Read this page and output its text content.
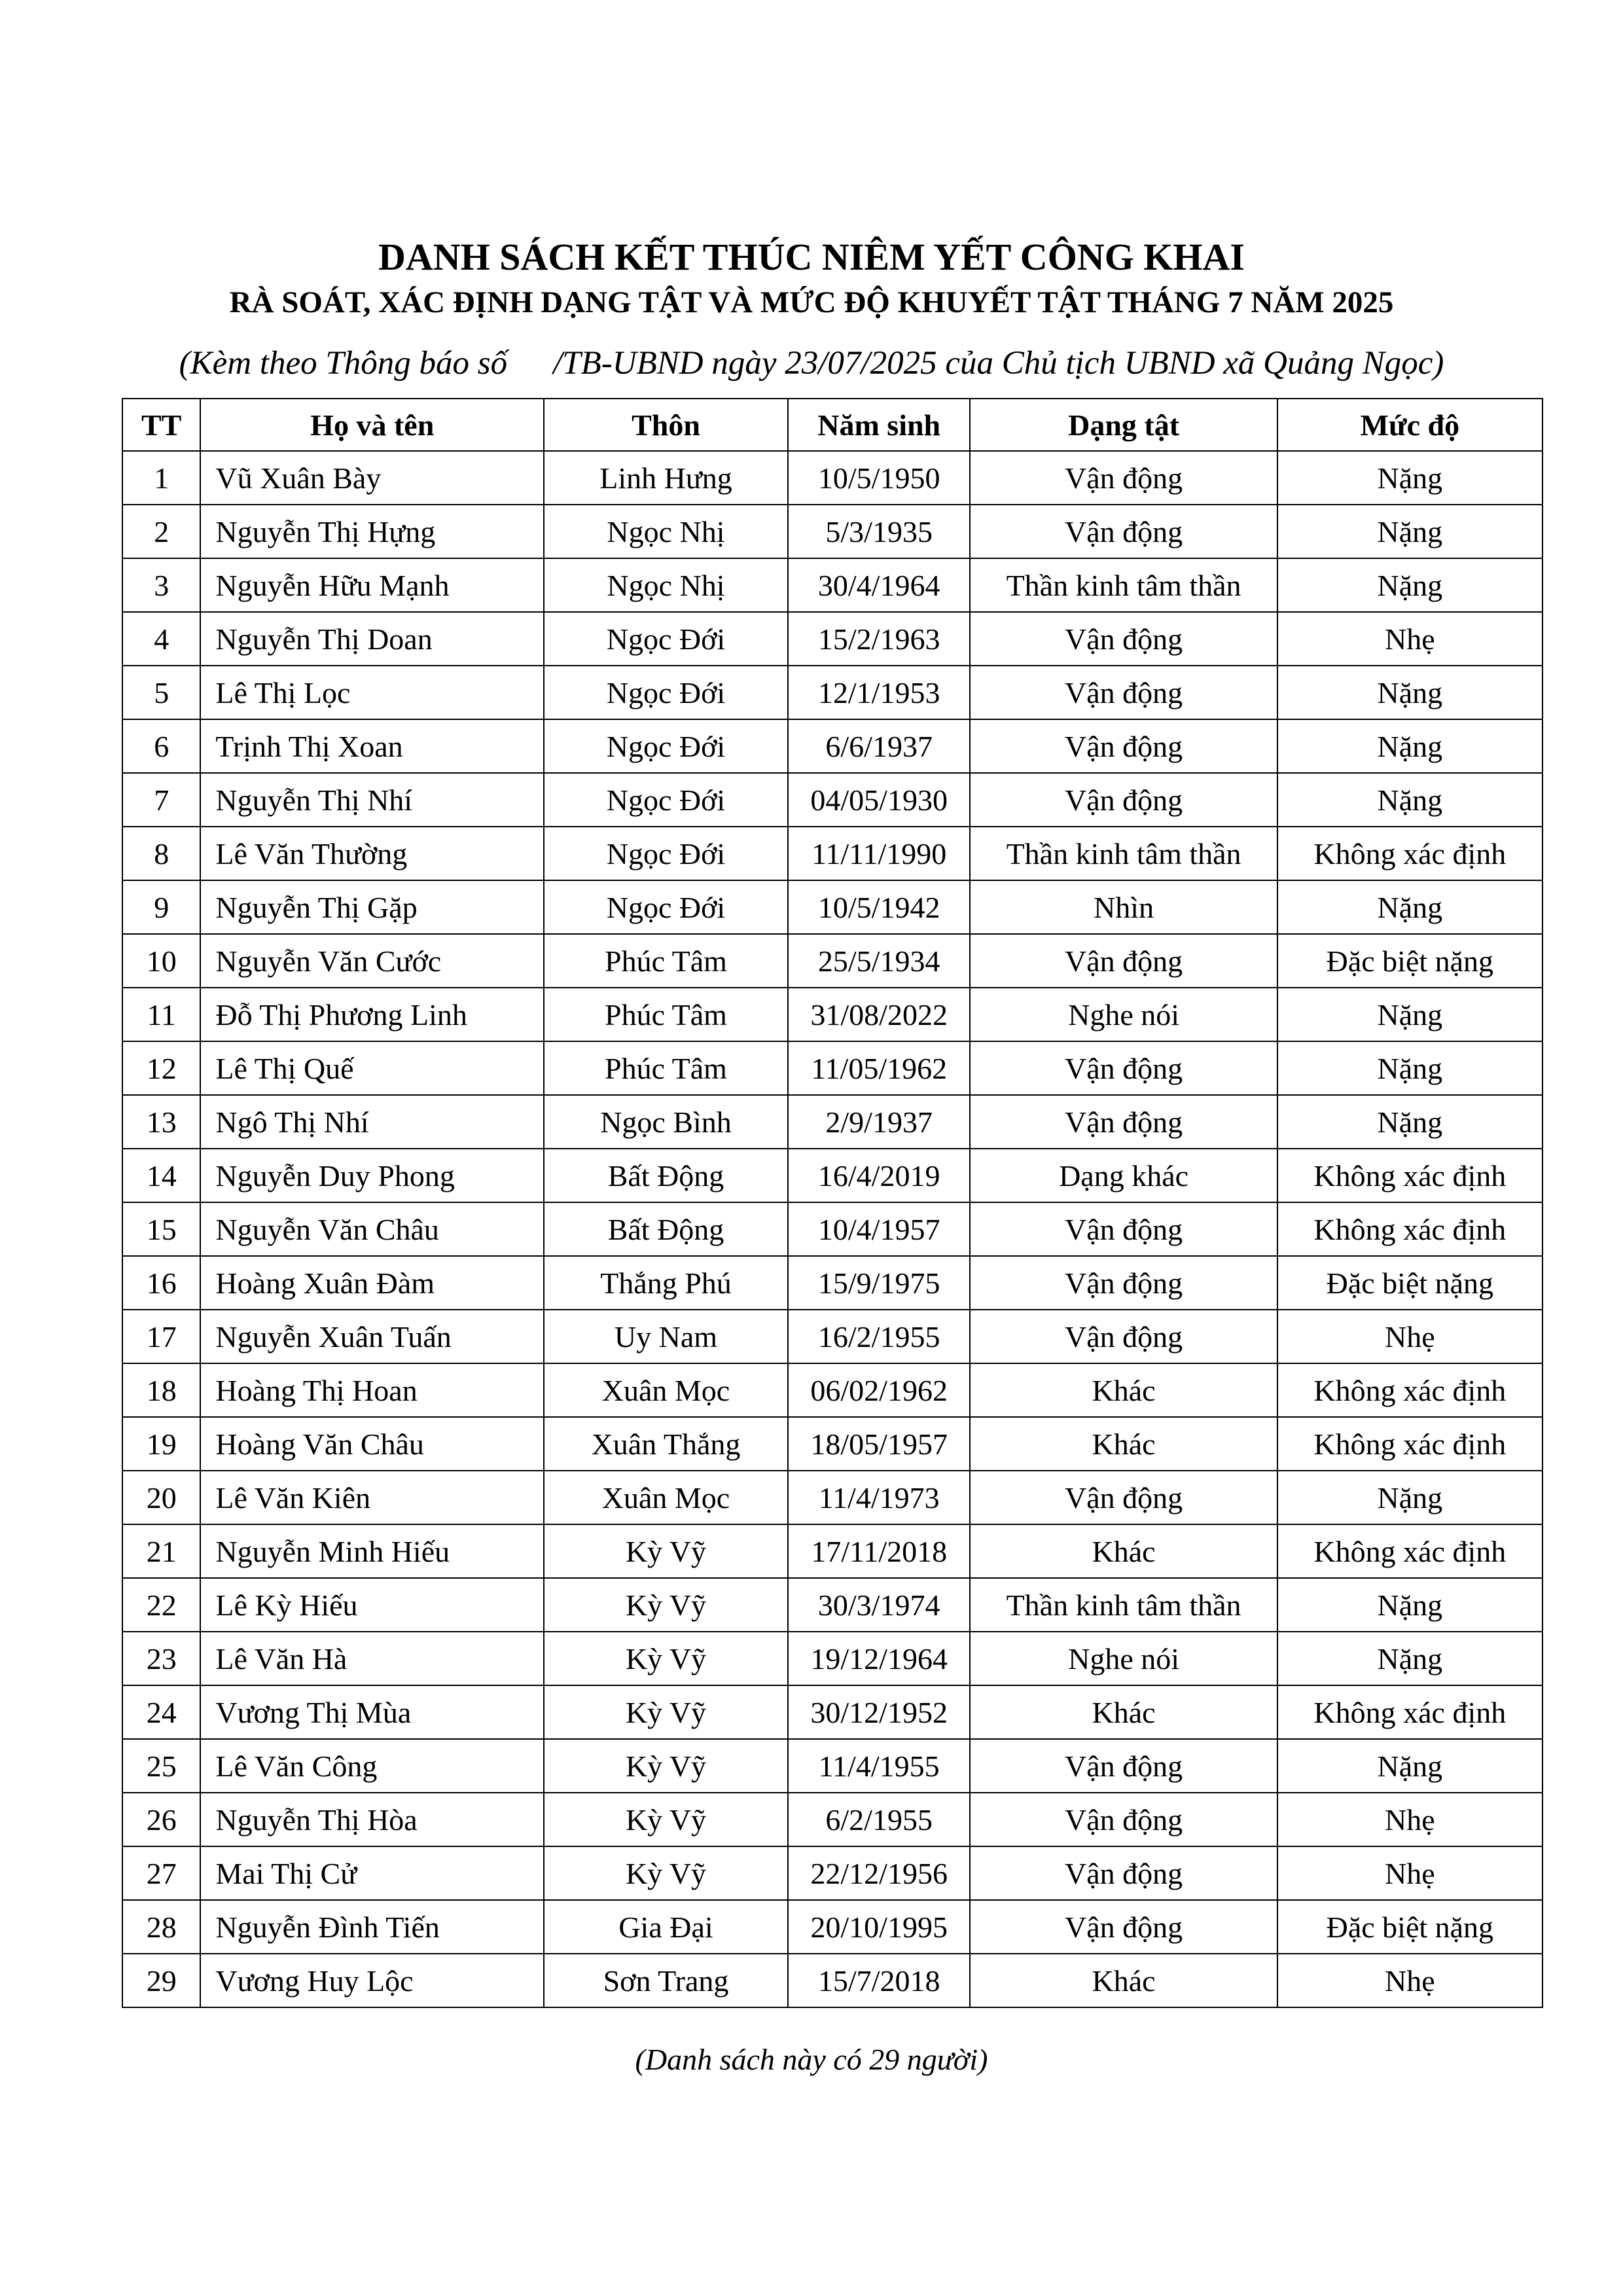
DANH SÁCH KẾT THÚC NIÊM YẾT CÔNG KHAI
RÀ SOÁT, XÁC ĐỊNH DẠNG TẬT VÀ MỨC ĐỘ KHUYẾT TẬT THÁNG 7 NĂM 2025
(Kèm theo Thông báo số /TB-UBND ngày 23/07/2025 của Chủ tịch UBND xã Quảng Ngọc)
TT	Họ và tên	Thôn	Năm sinh	Dạng tật	Mức độ
1	Vũ Xuân Bày	Linh Hưng	10/5/1950	Vận động	Nặng
2	Nguyễn Thị Hựng	Ngọc Nhị	5/3/1935	Vận động	Nặng
3	Nguyễn Hữu Mạnh	Ngọc Nhị	30/4/1964	Thần kinh tâm thần	Nặng
4	Nguyễn Thị Doan	Ngọc Đới	15/2/1963	Vận động	Nhẹ
5	Lê Thị Lọc	Ngọc Đới	12/1/1953	Vận động	Nặng
6	Trịnh Thị Xoan	Ngọc Đới	6/6/1937	Vận động	Nặng
7	Nguyễn Thị Nhí	Ngọc Đới	04/05/1930	Vận động	Nặng
8	Lê Văn Thường	Ngọc Đới	11/11/1990	Thần kinh tâm thần	Không xác định
9	Nguyễn Thị Gặp	Ngọc Đới	10/5/1942	Nhìn	Nặng
10	Nguyễn Văn Cước	Phúc Tâm	25/5/1934	Vận động	Đặc biệt nặng
11	Đỗ Thị Phương Linh	Phúc Tâm	31/08/2022	Nghe nói	Nặng
12	Lê Thị Quế	Phúc Tâm	11/05/1962	Vận động	Nặng
13	Ngô Thị Nhí	Ngọc Bình	2/9/1937	Vận động	Nặng
14	Nguyễn Duy Phong	Bất Động	16/4/2019	Dạng khác	Không xác định
15	Nguyễn Văn Châu	Bất Động	10/4/1957	Vận động	Không xác định
16	Hoàng Xuân Đàm	Thắng Phú	15/9/1975	Vận động	Đặc biệt nặng
17	Nguyễn Xuân Tuấn	Uy Nam	16/2/1955	Vận động	Nhẹ
18	Hoàng Thị Hoan	Xuân Mọc	06/02/1962	Khác	Không xác định
19	Hoàng Văn Châu	Xuân Thắng	18/05/1957	Khác	Không xác định
20	Lê Văn Kiên	Xuân Mọc	11/4/1973	Vận động	Nặng
21	Nguyễn Minh Hiếu	Kỳ Vỹ	17/11/2018	Khác	Không xác định
22	Lê Kỳ Hiếu	Kỳ Vỹ	30/3/1974	Thần kinh tâm thần	Nặng
23	Lê Văn Hà	Kỳ Vỹ	19/12/1964	Nghe nói	Nặng
24	Vương Thị Mùa	Kỳ Vỹ	30/12/1952	Khác	Không xác định
25	Lê Văn Công	Kỳ Vỹ	11/4/1955	Vận động	Nặng
26	Nguyễn Thị Hòa	Kỳ Vỹ	6/2/1955	Vận động	Nhẹ
27	Mai Thị Cử	Kỳ Vỹ	22/12/1956	Vận động	Nhẹ
28	Nguyễn Đình Tiến	Gia Đại	20/10/1995	Vận động	Đặc biệt nặng
29	Vương Huy Lộc	Sơn Trang	15/7/2018	Khác	Nhẹ
(Danh sách này có 29 người)
